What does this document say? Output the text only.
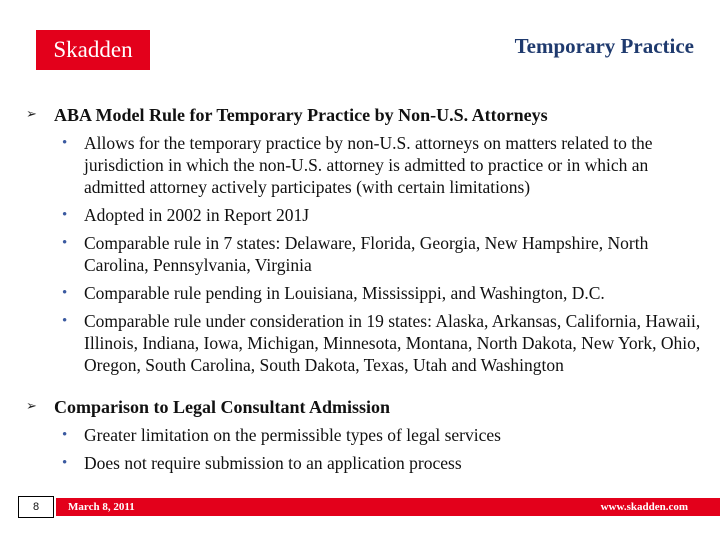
Skadden	Temporary Practice
➢ ABA Model Rule for Temporary Practice by Non-U.S. Attorneys
• Allows for the temporary practice by non-U.S. attorneys on matters related to the jurisdiction in which the non-U.S. attorney is admitted to practice or in which an admitted attorney actively participates (with certain limitations)
• Adopted in 2002 in Report 201J
• Comparable rule in 7 states: Delaware, Florida, Georgia, New Hampshire, North Carolina, Pennsylvania, Virginia
• Comparable rule pending in Louisiana, Mississippi, and Washington, D.C.
• Comparable rule under consideration in 19 states: Alaska, Arkansas, California, Hawaii, Illinois, Indiana, Iowa, Michigan, Minnesota, Montana, North Dakota, New York, Ohio, Oregon, South Carolina, South Dakota, Texas, Utah and Washington
➢ Comparison to Legal Consultant Admission
• Greater limitation on the permissible types of legal services
• Does not require submission to an application process
8	March 8, 2011	www.skadden.com
